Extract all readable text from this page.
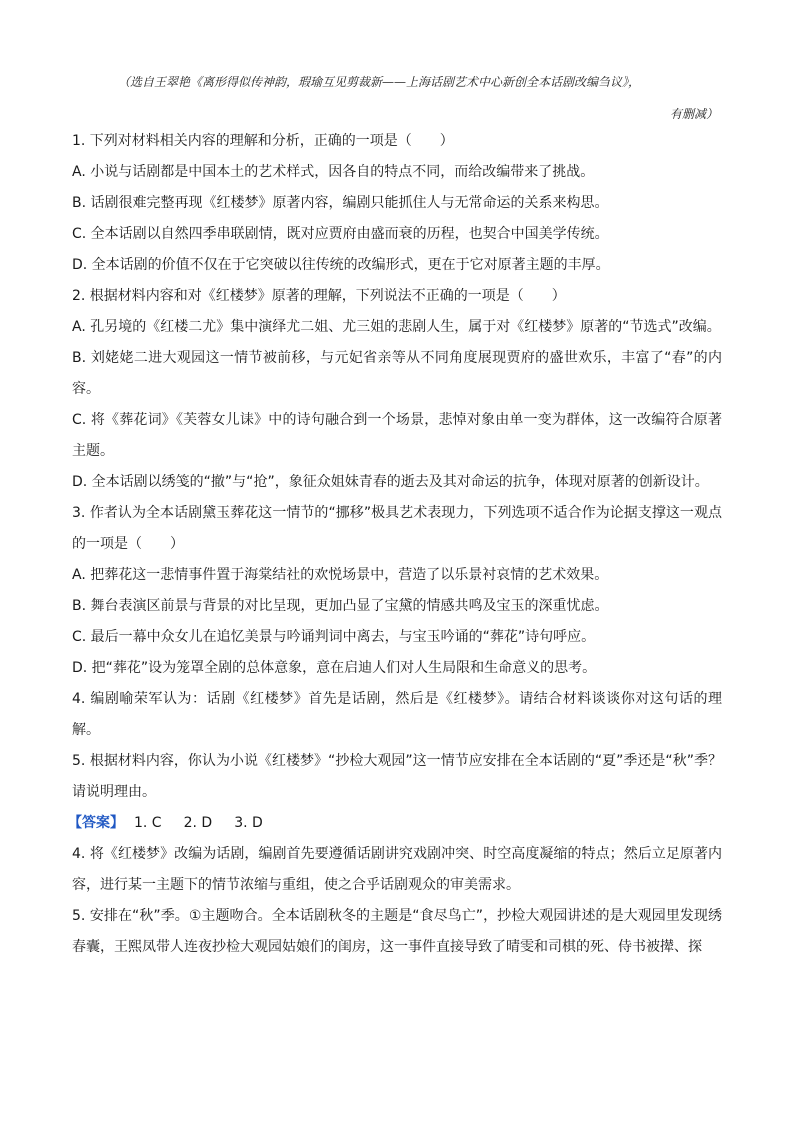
（选自王翠艳《离形得似传神韵，瑕瑜互见剪裁新——上海话剧艺术中心新创全本话剧改编刍议》，
有删减）
1. 下列对材料相关内容的理解和分析，正确的一项是（　　）
A. 小说与话剧都是中国本土的艺术样式，因各自的特点不同，而给改编带来了挑战。
B. 话剧很难完整再现《红楼梦》原著内容，编剧只能抓住人与无常命运的关系来构思。
C. 全本话剧以自然四季串联剧情，既对应贾府由盛而衰的历程，也契合中国美学传统。
D. 全本话剧的价值不仅在于它突破以往传统的改编形式，更在于它对原著主题的丰厚。
2. 根据材料内容和对《红楼梦》原著的理解，下列说法不正确的一项是（　　）
A. 孔另境的《红楼二尤》集中演绎尤二姐、尤三姐的悲剧人生，属于对《红楼梦》原著的“节选式”改编。
B. 刘姥姥二进大观园这一情节被前移，与元妃省亲等从不同角度展现贾府的盛世欢乐，丰富了“春”的内容。
C. 将《葬花词》《芙蓉女儿诔》中的诗句融合到一个场景，悲悼对象由单一变为群体，这一改编符合原著主题。
D. 全本话剧以绣笺的“撤”与“抢”，象征众姐妹青春的逝去及其对命运的抗争，体现对原著的创新设计。
3. 作者认为全本话剧黛玉葬花这一情节的“挪移”极具艺术表现力，下列选项不适合作为论据支撑这一观点的一项是（　　）
A. 把葬花这一悲情事件置于海棠结社的欢悦场景中，营造了以乐景衬哀情的艺术效果。
B. 舞台表演区前景与背景的对比呈现，更加凸显了宝黛的情感共鸣及宝玉的深重忧虑。
C. 最后一幕中众女儿在追忆美景与吟诵判词中离去，与宝玉吟诵的“葬花”诗句呼应。
D. 把“葬花”设为笼罩全剧的总体意象，意在启迪人们对人生局限和生命意义的思考。
4. 编剧喻荣军认为：话剧《红楼梦》首先是话剧，然后是《红楼梦》。请结合材料谈谈你对这句话的理解。
5. 根据材料内容，你认为小说《红楼梦》“抄检大观园”这一情节应安排在全本话剧的“夏”季还是“秋”季？请说明理由。
【答案】 1. C 2. D 3. D
4. 将《红楼梦》改编为话剧，编剧首先要遵循话剧讲究戏剧冲突、时空高度凝缩的特点；然后立足原著内容，进行某一主题下的情节浓缩与重组，使之合乎话剧观众的审美需求。
5. 安排在“秋”季。①主题吻合。全本话剧秋冬的主题是“食尽鸟亡”，抄检大观园讲述的是大观园里发现绣春囊，王熙凤带人连夜抄检大观园姑娘们的闺房，这一事件直接导致了晴雯和司棋的死、侍书被撵、探
